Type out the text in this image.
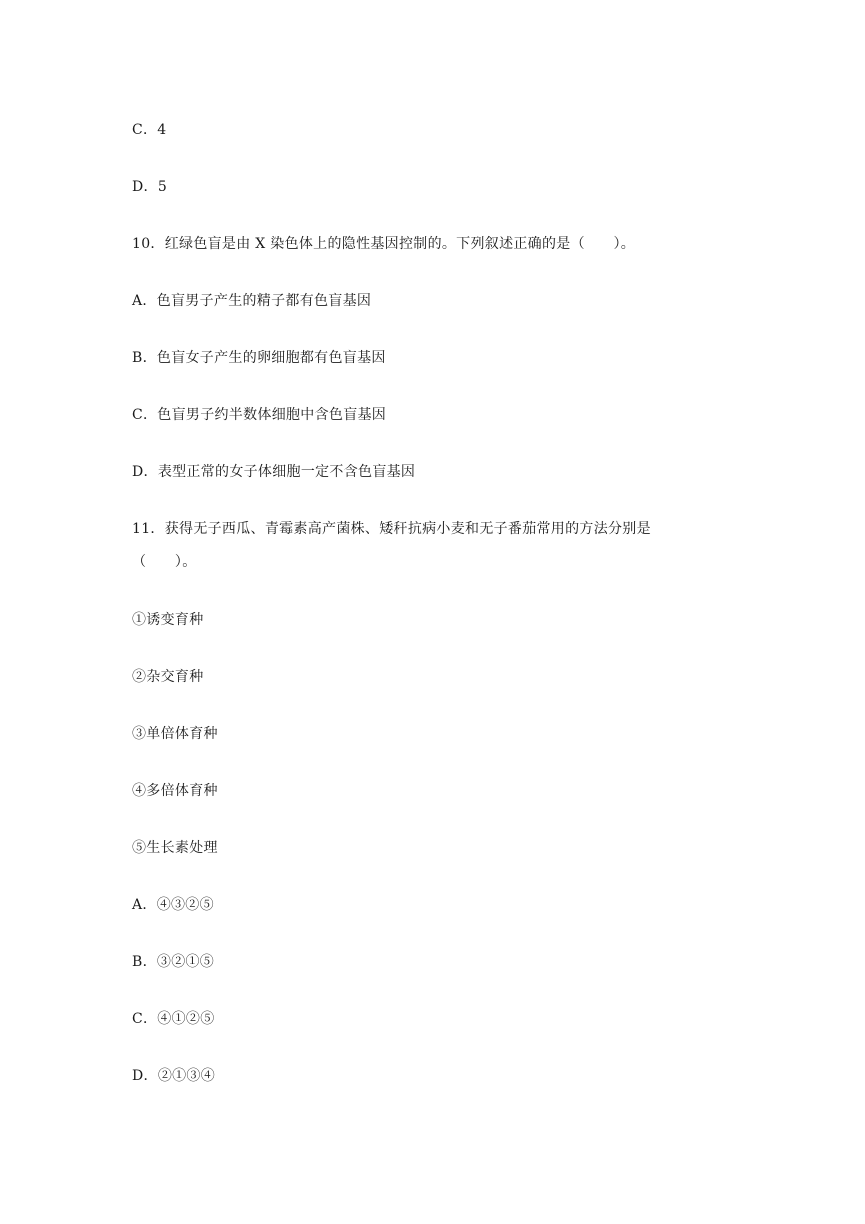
C．4
D．5
10．红绿色盲是由 X 染色体上的隐性基因控制的。下列叙述正确的是（　　）。
A．色盲男子产生的精子都有色盲基因
B．色盲女子产生的卵细胞都有色盲基因
C．色盲男子约半数体细胞中含色盲基因
D．表型正常的女子体细胞一定不含色盲基因
11．获得无子西瓜、青霉素高产菌株、矮秆抗病小麦和无子番茄常用的方法分别是
（　　）。
①诱变育种
②杂交育种
③单倍体育种
④多倍体育种
⑤生长素处理
A．④③②⑤
B．③②①⑤
C．④①②⑤
D．②①③④
